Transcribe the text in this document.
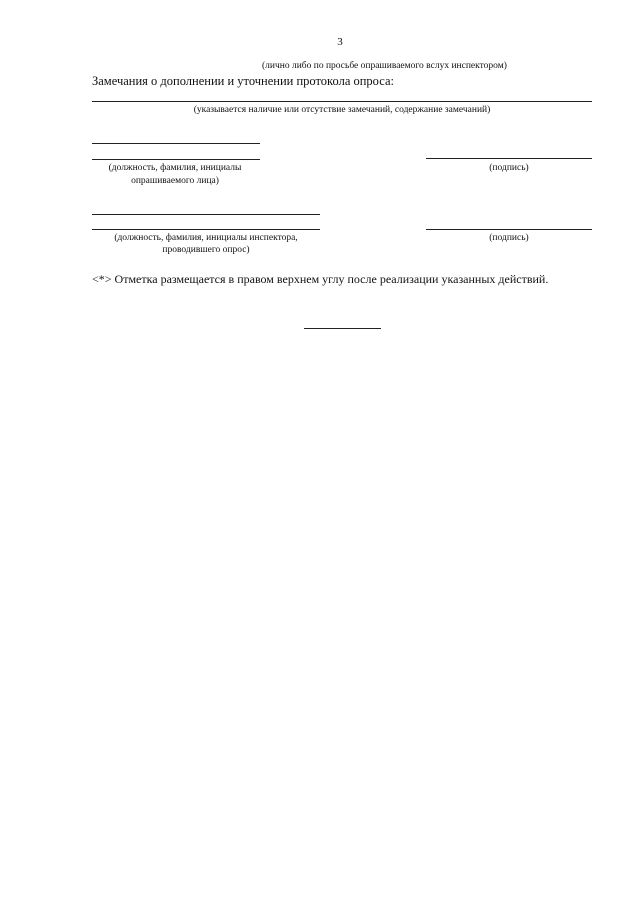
3
(лично либо по просьбе опрашиваемого вслух инспектором)
Замечания о дополнении и уточнении протокола опроса:
(указывается наличие или отсутствие замечаний, содержание замечаний)
(должность, фамилия, инициалы
опрашиваемого лица)
(подпись)
(должность, фамилия, инициалы инспектора,
проводившего опрос)
(подпись)
<*> Отметка размещается в правом верхнем углу после реализации указанных действий.
